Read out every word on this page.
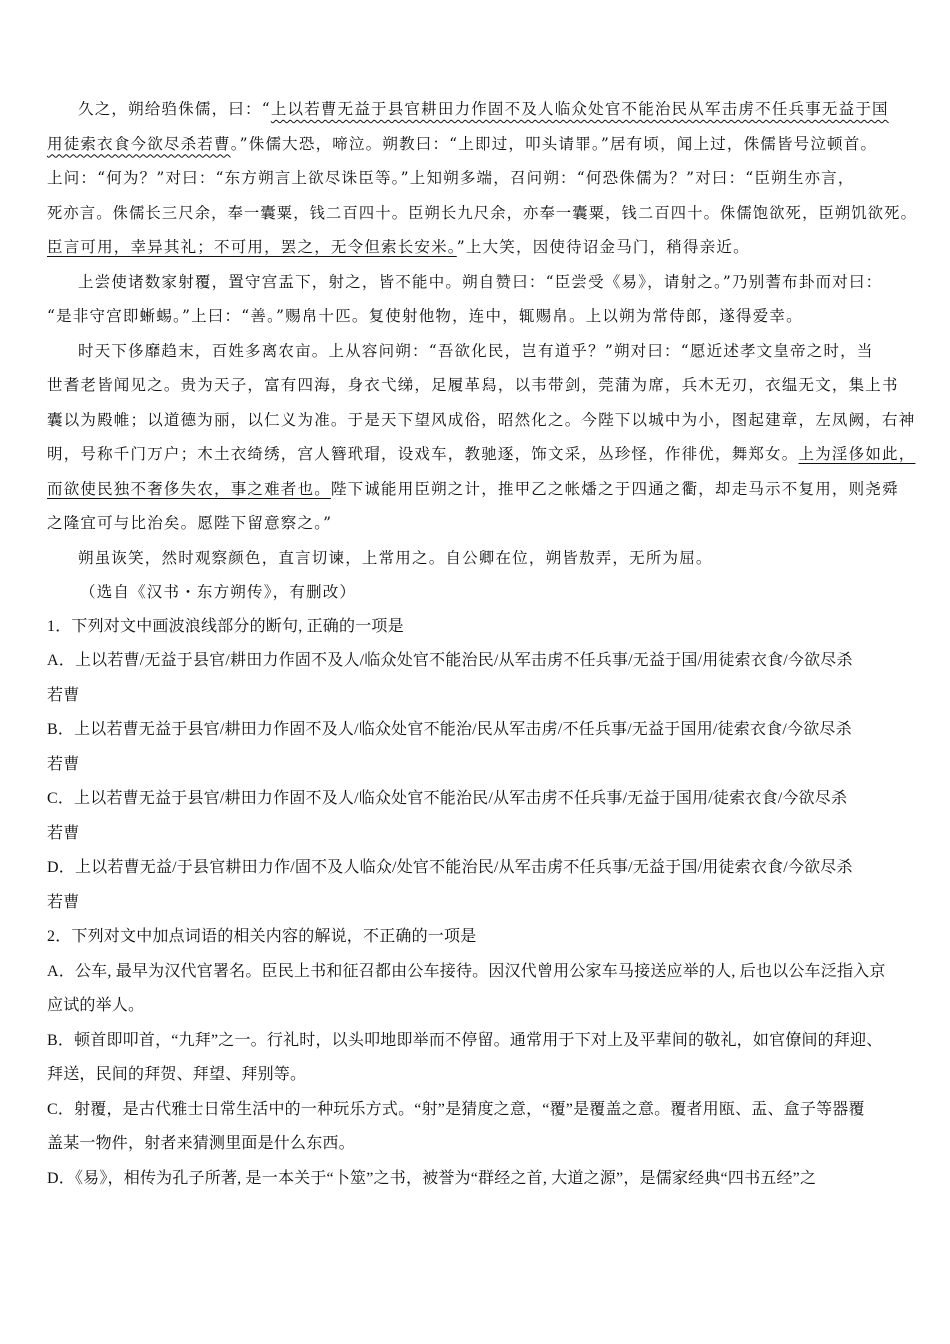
久之，朔给驺侏儒，曰：“上以若曹无益于县官耕田力作固不及人临众处官不能治民从军击虏不任兵事无益于国
用徒索衣食今欲尽杀若曹。”侏儒大恐，啼泣。朔教曰：“上即过，叩头请罪。”居有顷，闻上过，侏儒皆号泣顿首。
上问：“何为？”对曰：“东方朔言上欲尽诛臣等。”上知朔多端，召问朔：“何恐侏儒为？”对曰：“臣朔生亦言，
死亦言。侏儒长三尺余，奉一囊粟，钱二百四十。臣朔长九尺余，亦奉一囊粟，钱二百四十。侏儒饱欲死，臣朔饥欲死。
臣言可用，幸异其礼；不可用，罢之，无令但索长安米。”上大笑，因使待诏金马门，稍得亲近。
上尝使诸数家射覆，置守宫盂下，射之，皆不能中。朔自赞曰：“臣尝受《易》，请射之。”乃别蓍布卦而对曰：
“是非守宫即蜥蜴。”上曰：“善。”赐帛十匹。复使射他物，连中，辄赐帛。上以朔为常侍郎，遂得爱幸。
时天下侈靡趋末，百姓多离农亩。上从容问朔：“吾欲化民，岂有道乎？”朔对曰：“愿近述孝文皇帝之时，当
世耆老皆闻见之。贵为天子，富有四海，身衣弋绨，足履革舄，以韦带剑，莞蒲为席，兵木无刃，衣缊无文，集上书
囊以为殿帷；以道德为丽，以仁义为准。于是天下望风成俗，昭然化之。今陛下以城中为小，图起建章，左凤阙，右神
明，号称千门万户；木土衣绮绣，宫人簪玳瑁，设戏车，教驰逐，饰文采，丛珍怪，作徘优，舞郑女。上为淫侈如此，
而欲使民独不奢侈失农，事之难者也。陛下诚能用臣朔之计，推甲乙之帐燔之于四通之衢，却走马示不复用，则尧舜
之隆宜可与比治矣。愿陛下留意察之。”
朔虽诙笑，然时观察颜色，直言切谏，上常用之。自公卿在位，朔皆敖弄，无所为屈。
（选自《汉书・东方朔传》，有删改）
1．下列对文中画波浪线部分的断句, 正确的一项是
A．上以若曹/无益于县官/耕田力作固不及人/临众处官不能治民/从军击虏不任兵事/无益于国/用徒索衣食/今欲尽杀
若曹
B．上以若曹无益于县官/耕田力作固不及人/临众处官不能治/民从军击虏/不任兵事/无益于国用/徒索衣食/今欲尽杀
若曹
C．上以若曹无益于县官/耕田力作固不及人/临众处官不能治民/从军击虏不任兵事/无益于国用/徒索衣食/今欲尽杀
若曹
D．上以若曹无益/于县官耕田力作/固不及人临众/处官不能治民/从军击虏不任兵事/无益于国/用徒索衣食/今欲尽杀
若曹
2．下列对文中加点词语的相关内容的解说，不正确的一项是
A．公车, 最早为汉代官署名。臣民上书和征召都由公车接待。因汉代曾用公家车马接送应举的人, 后也以公车泛指入京
应试的举人。
B．顿首即叩首，“九拜”之一。行礼时，以头叩地即举而不停留。通常用于下对上及平辈间的敬礼，如官僚间的拜迎、
拜送，民间的拜贺、拜望、拜别等。
C．射覆，是古代雅士日常生活中的一种玩乐方式。“射”是猜度之意，“覆”是覆盖之意。覆者用瓯、盂、盒子等器覆
盖某一物件，射者来猜测里面是什么东西。
D．《易》，相传为孔子所著, 是一本关于“卜筮”之书，被誉为“群经之首, 大道之源”，是儒家经典“四书五经”之
